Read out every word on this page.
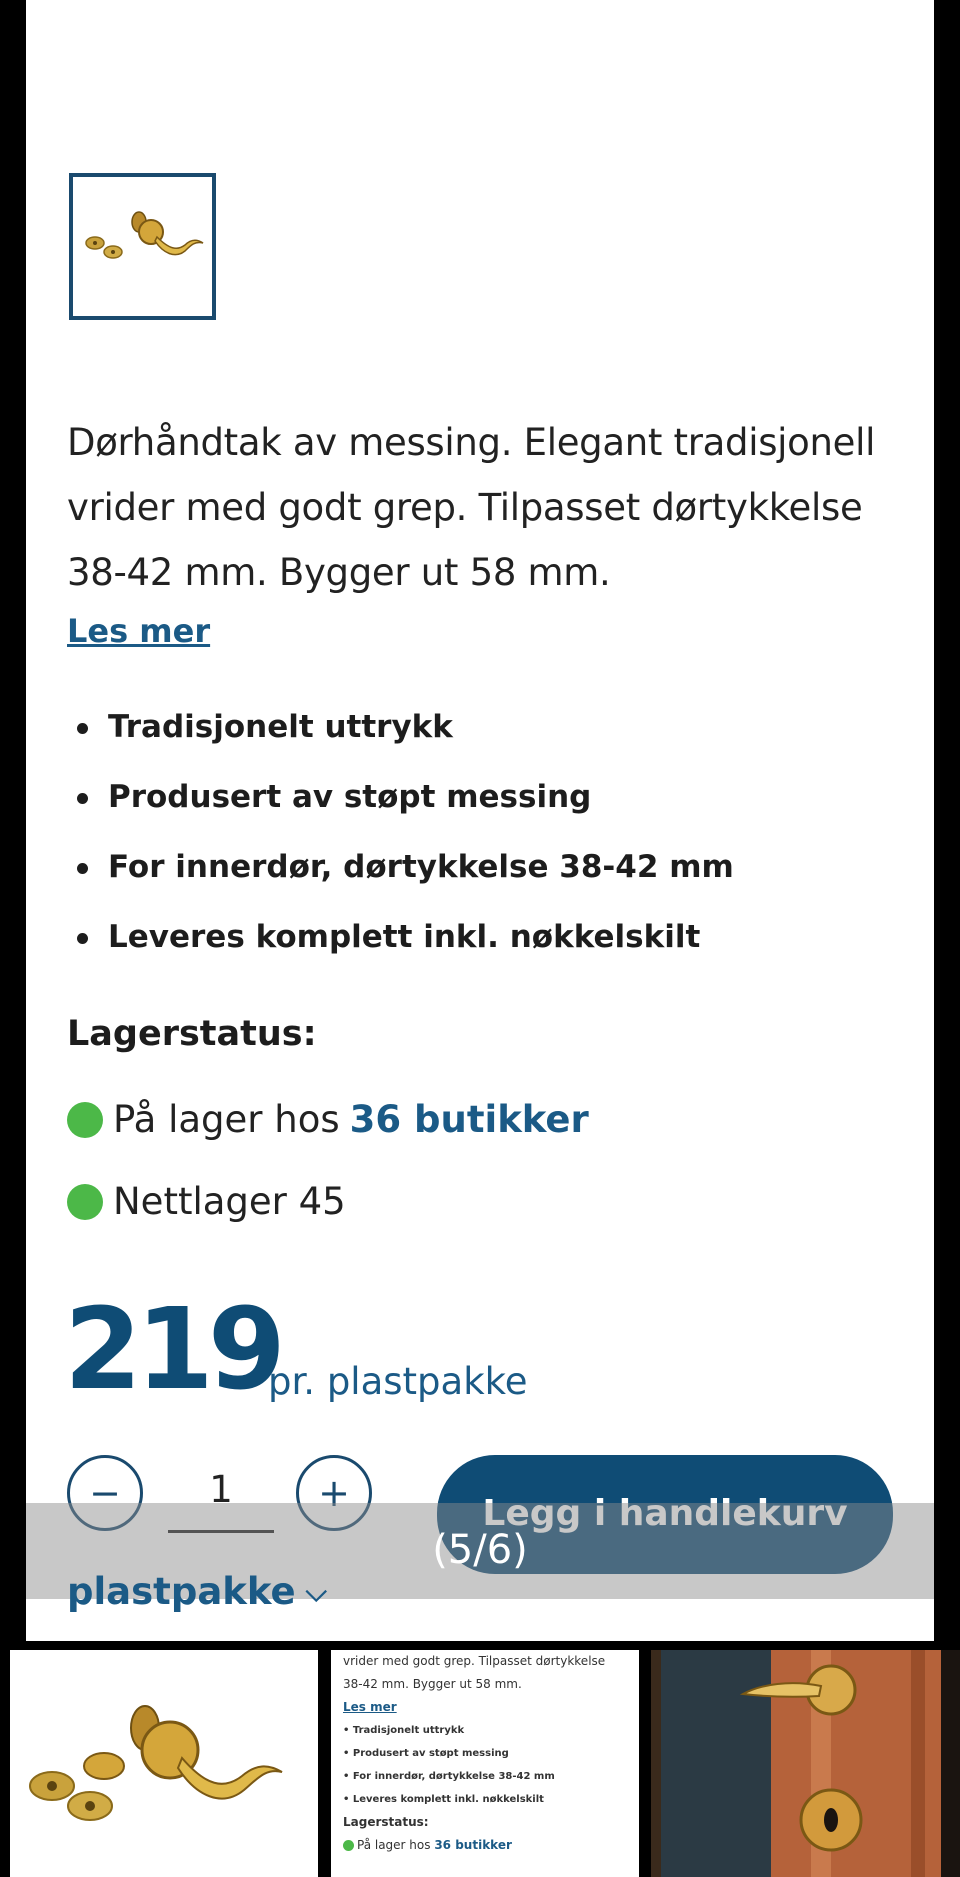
Dørhåndtak av messing. Elegant tradisjonell vrider med godt grep. Tilpasset dørtykkelse 38-42 mm. Bygger ut 58 mm.
Les mer
Tradisjonelt uttrykk
Produsert av støpt messing
For innerdør, dørtykkelse 38-42 mm
Leveres komplett inkl. nøkkelskilt
Lagerstatus:
På lager hos 36 butikker
Nettlager 45
219
pr. plastpakke
−	1	+	Legg i handlekurv
(5/6)
plastpakke ⌵
vrider med godt grep. Tilpasset dørtykkelse
38-42 mm. Bygger ut 58 mm.
Les mer
• Tradisjonelt uttrykk
• Produsert av støpt messing
• For innerdør, dørtykkelse 38-42 mm
• Leveres komplett inkl. nøkkelskilt
Lagerstatus:
På lager hos 36 butikker
